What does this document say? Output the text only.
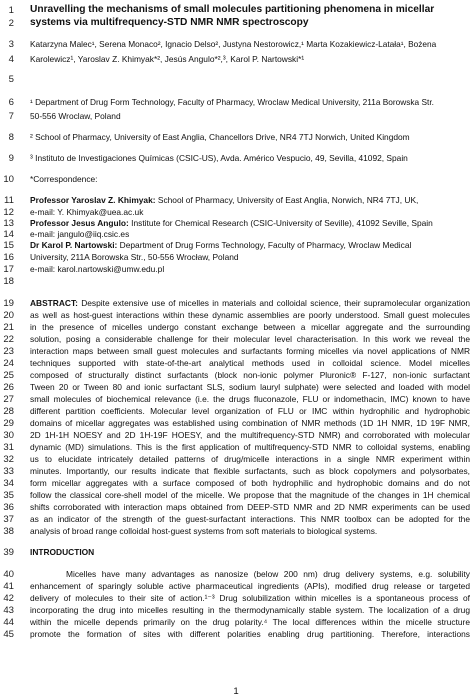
1
2
3
4
5
6
7
8
9
10
11
12
13
14
15
16
17
18
19
20
21
22
23
24
25
26
27
28
29
30
31
32
33
34
35
36
37
38
39
40
41
42
43
44
45
Unravelling the mechanisms of small molecules partitioning phenomena in micellar
systems via multifrequency-STD NMR NMR spectroscopy
Katarzyna Malec¹, Serena Monaco², Ignacio Delso², Justyna Nestorowicz,¹ Marta Kozakiewicz-Latała¹, Bożena
Karolewicz¹, Yaroslav Z. Khimyak*², Jesús Angulo*²,³, Karol P. Nartowski*¹
¹ Department of Drug Form Technology, Faculty of Pharmacy, Wroclaw Medical University, 211a Borowska Str.
50-556 Wroclaw, Poland
² School of Pharmacy, University of East Anglia, Chancellors Drive, NR4 7TJ Norwich, United Kingdom
³ Instituto de Investigaciones Químicas (CSIC-US), Avda. Américo Vespucio, 49, Sevilla, 41092, Spain
*Correspondence:
Professor Yaroslav Z. Khimyak: School of Pharmacy, University of East Anglia, Norwich, NR4 7TJ, UK,
e-mail: Y. Khimyak@uea.ac.uk
Professor Jesus Angulo: Institute for Chemical Research (CSIC-University of Seville), 41092 Seville, Spain
e-mail: jangulo@iiq.csic.es
Dr Karol P. Nartowski: Department of Drug Forms Technology, Faculty of Pharmacy, Wroclaw Medical
University, 211A Borowska Str., 50-556 Wrocław, Poland
e-mail: karol.nartowski@umw.edu.pl
ABSTRACT: Despite extensive use of micelles in materials and colloidal science, their supramolecular organization
as well as host-guest interactions within these dynamic assemblies are poorly understood. Small guest molecules
in the presence of micelles undergo constant exchange between a micellar aggregate and the surrounding
solution, posing a considerable challenge for their molecular level characterisation. In this work we reveal the
interaction maps between small guest molecules and surfactants forming micelles via novel applications of NMR
techniques supported with state-of-the-art analytical methods used in colloidal science. Model micelles
composed of structurally distinct surfactants (block non-ionic polymer Pluronic® F-127, non-ionic surfactant
Tween 20 or Tween 80 and ionic surfactant SLS, sodium lauryl sulphate) were selected and loaded with model
small molecules of biochemical relevance (i.e. the drugs fluconazole, FLU or indomethacin, IMC) known to have
different partition coefficients. Molecular level organization of FLU or IMC within hydrophilic and hydrophobic
domains of micellar aggregates was established using combination of NMR methods (1D 1H NMR, 1D 19F NMR,
2D 1H-1H NOESY and 2D 1H-19F HOESY, and the multifrequency-STD NMR) and corroborated with molecular
dynamic (MD) simulations. This is the first application of multifrequency-STD NMR to colloidal systems, enabling
us to elucidate intricately detailed patterns of drug/micelle interactions in a single NMR experiment within
minutes. Importantly, our results indicate that flexible surfactants, such as block copolymers and polysorbates,
form micellar aggregates with a surface composed of both hydrophilic and hydrophobic domains and do not
follow the classical core-shell model of the micelle. We propose that the magnitude of the changes in 1H chemical
shifts corroborated with interaction maps obtained from DEEP-STD NMR and 2D NMR experiments can be used
as an indicator of the strength of the guest-surfactant interactions. This NMR toolbox can be adopted for the
analysis of broad range colloidal host-guest systems from soft materials to biological systems.
INTRODUCTION
Micelles have many advantages as nanosize (below 200 nm) drug delivery systems, e.g. solubility
enhancement of sparingly soluble active pharmaceutical ingredients (APIs), modified drug release or targeted
delivery of molecules to their site of action.¹⁻³ Drug solubilization within micelles is a spontaneous process of
incorporating the drug into micelles resulting in the thermodynamically stable system. The localization of a drug
within the micelle depends primarily on the drug polarity.⁴ The local differences within the micelle structure
promote the formation of sites with different polarities enabling drug partitioning. Therefore, interactions
1
